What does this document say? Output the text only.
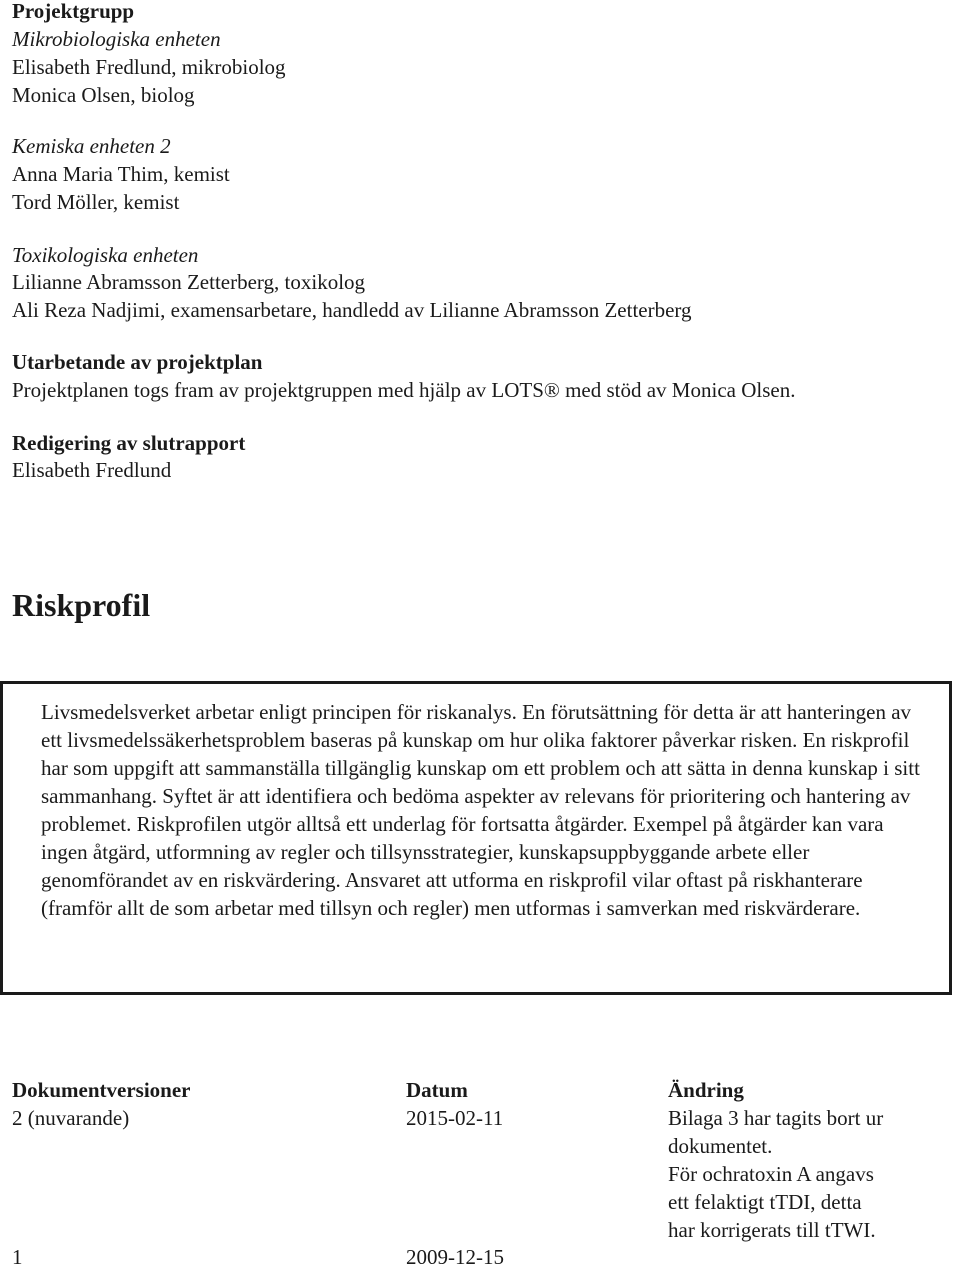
Projektgrupp
Mikrobiologiska enheten
Elisabeth Fredlund, mikrobiolog
Monica Olsen, biolog
Kemiska enheten 2
Anna Maria Thim, kemist
Tord Möller, kemist
Toxikologiska enheten
Lilianne Abramsson Zetterberg, toxikolog
Ali Reza Nadjimi, examensarbetare, handledd av Lilianne Abramsson Zetterberg
Utarbetande av projektplan
Projektplanen togs fram av projektgruppen med hjälp av LOTS® med stöd av Monica Olsen.
Redigering av slutrapport
Elisabeth Fredlund
Riskprofil
Livsmedelsverket arbetar enligt principen för riskanalys. En förutsättning för detta är att hanteringen av ett livsmedelssäkerhetsproblem baseras på kunskap om hur olika faktorer påverkar risken. En riskprofil har som uppgift att sammanställa tillgänglig kunskap om ett problem och att sätta in denna kunskap i sitt sammanhang. Syftet är att identifiera och bedöma aspekter av relevans för prioritering och hantering av problemet. Riskprofilen utgör alltså ett underlag för fortsatta åtgärder. Exempel på åtgärder kan vara ingen åtgärd, utformning av regler och tillsynsstrategier, kunskapsuppbyggande arbete eller genomförandet av en riskvärdering. Ansvaret att utforma en riskprofil vilar oftast på riskhanterare (framför allt de som arbetar med tillsyn och regler) men utformas i samverkan med riskvärderare.
Dokumentversioner	Datum	Ändring
2 (nuvarande)	2015-02-11	Bilaga 3 har tagits bort ur
dokumentet.
För ochratoxin A angavs
ett felaktigt tTDI, detta
har korrigerats till tTWI.
1	2009-12-15
